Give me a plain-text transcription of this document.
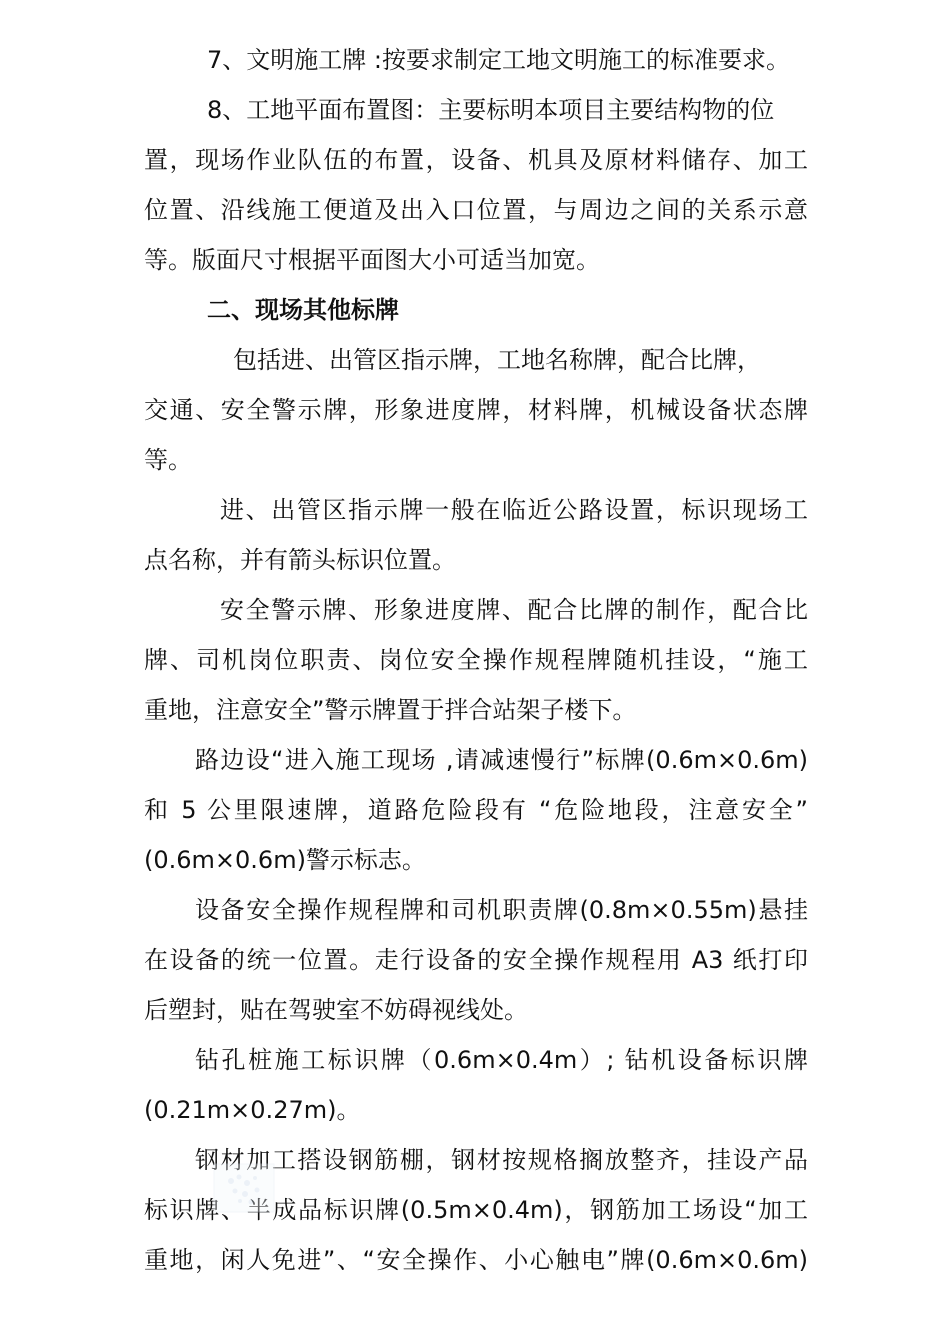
7、文明施工牌 :按要求制定工地文明施工的标准要求。
8、工地平面布置图：主要标明本项目主要结构物的位
置，现场作业队伍的布置，设备、机具及原材料储存、加工
位置、沿线施工便道及出入口位置，与周边之间的关系示意
等。版面尺寸根据平面图大小可适当加宽。
二、现场其他标牌
包括进、出管区指示牌，工地名称牌，配合比牌，
交通、安全警示牌，形象进度牌，材料牌，机械设备状态牌
等。
进、出管区指示牌一般在临近公路设置，标识现场工
点名称，并有箭头标识位置。
安全警示牌、形象进度牌、配合比牌的制作，配合比
牌、司机岗位职责、岗位安全操作规程牌随机挂设，“施工
重地，注意安全”警示牌置于拌合站架子楼下。
路边设“进入施工现场 ,请减速慢行”标牌(0.6m×0.6m)
和 5 公里限速牌，道路危险段有 “危险地段，注意安全”
(0.6m×0.6m)警示标志。
设备安全操作规程牌和司机职责牌(0.8m×0.55m)悬挂
在设备的统一位置。走行设备的安全操作规程用 A3 纸打印
后塑封，贴在驾驶室不妨碍视线处。
钻孔桩施工标识牌（0.6m×0.4m）; 钻机设备标识牌
(0.21m×0.27m)。
钢材加工搭设钢筋棚，钢材按规格搁放整齐，挂设产品
标识牌、半成品标识牌(0.5m×0.4m)，钢筋加工场设“加工
重地，闲人免进”、“安全操作、小心触电”牌(0.6m×0.6m)
